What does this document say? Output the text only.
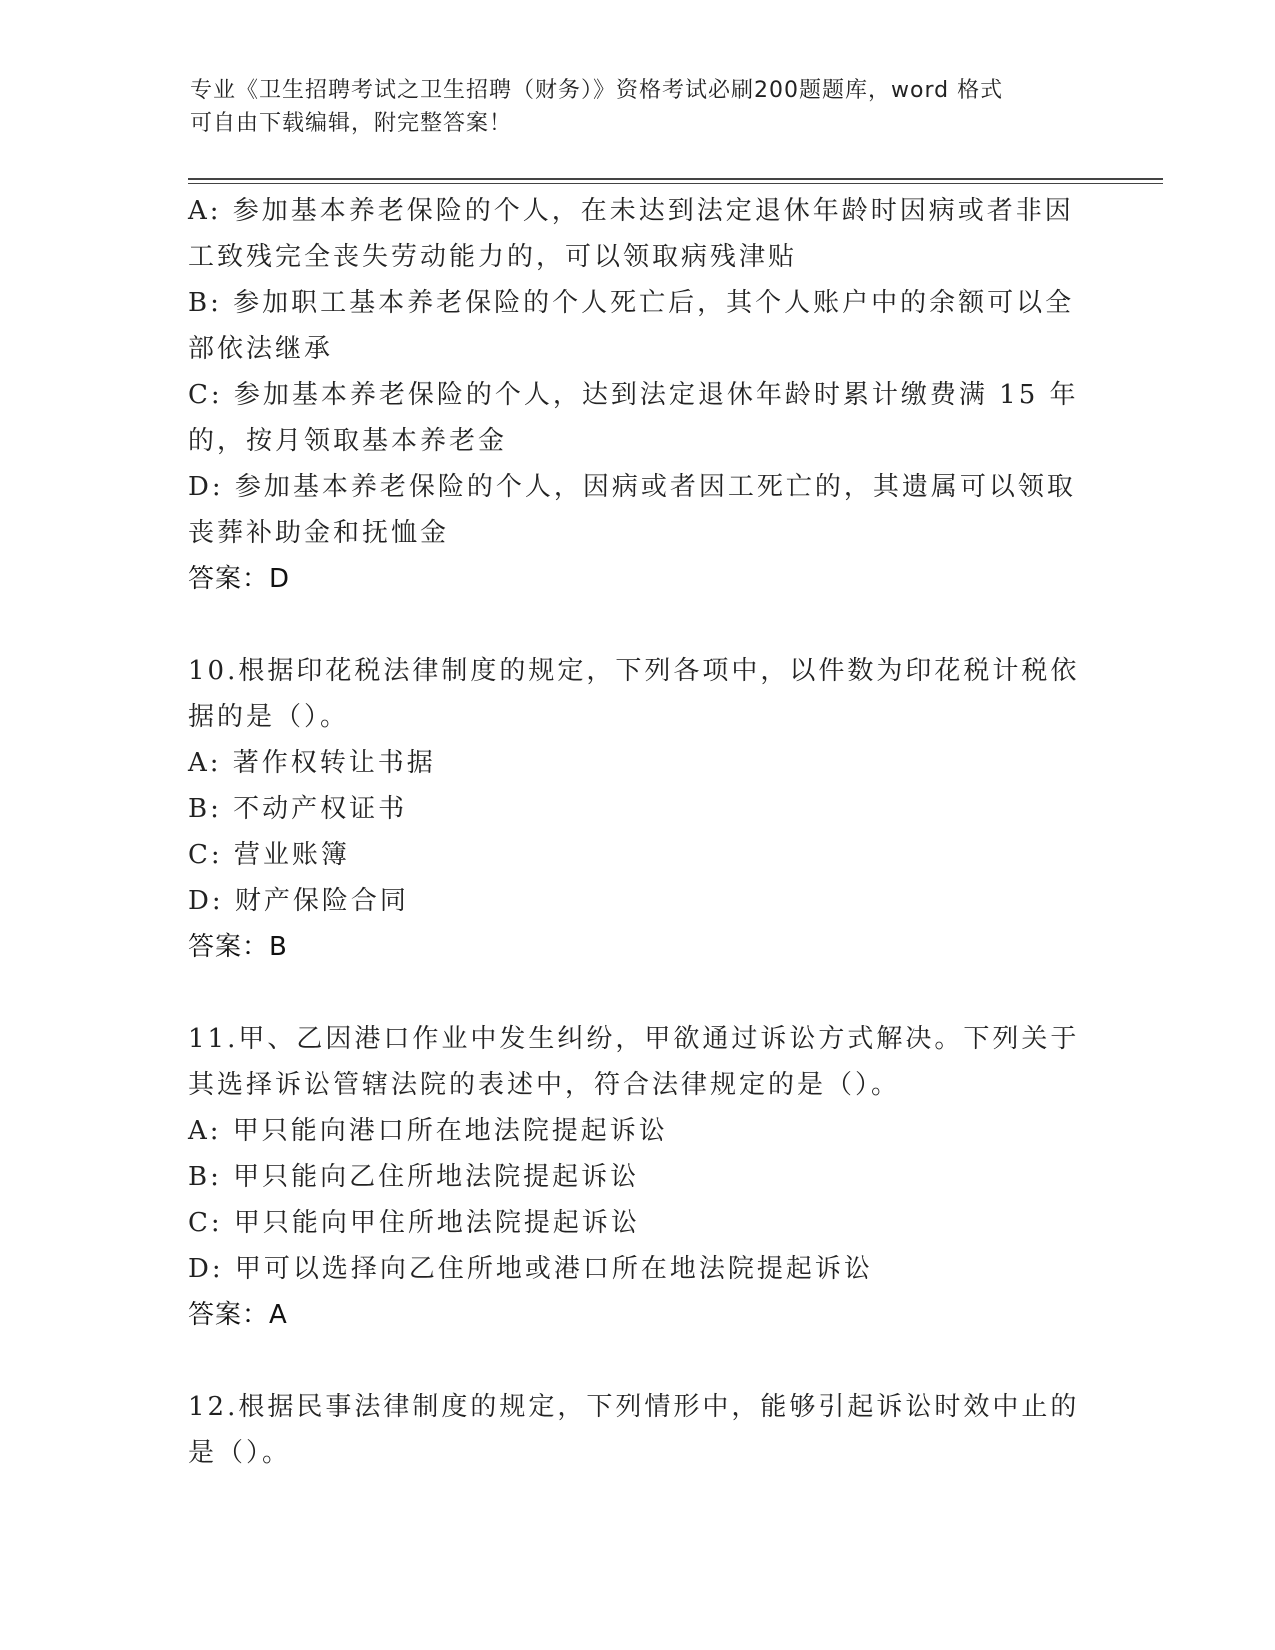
专业《卫生招聘考试之卫生招聘（财务）》资格考试必刷200题题库，word 格式
可自由下载编辑，附完整答案！
A: 参加基本养老保险的个人，在未达到法定退休年龄时因病或者非因
工致残完全丧失劳动能力的，可以领取病残津贴
B: 参加职工基本养老保险的个人死亡后，其个人账户中的余额可以全
部依法继承
C: 参加基本养老保险的个人，达到法定退休年龄时累计缴费满 15 年
的，按月领取基本养老金
D: 参加基本养老保险的个人，因病或者因工死亡的，其遗属可以领取
丧葬补助金和抚恤金
答案：D
10.根据印花税法律制度的规定，下列各项中，以件数为印花税计税依
据的是（）。
A: 著作权转让书据
B: 不动产权证书
C: 营业账簿
D: 财产保险合同
答案：B
11.甲、乙因港口作业中发生纠纷，甲欲通过诉讼方式解决。下列关于
其选择诉讼管辖法院的表述中，符合法律规定的是（）。
A: 甲只能向港口所在地法院提起诉讼
B: 甲只能向乙住所地法院提起诉讼
C: 甲只能向甲住所地法院提起诉讼
D: 甲可以选择向乙住所地或港口所在地法院提起诉讼
答案：A
12.根据民事法律制度的规定，下列情形中，能够引起诉讼时效中止的
是（）。
